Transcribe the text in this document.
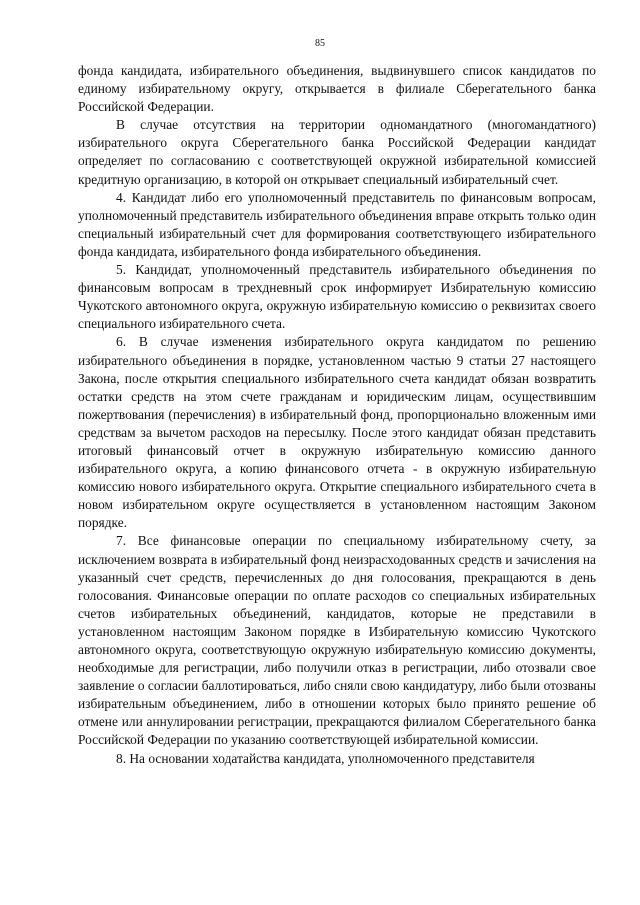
85

фонда кандидата, избирательного объединения, выдвинувшего список кандидатов по единому избирательному округу, открывается в филиале Сберегательного банка Российской Федерации.

В случае отсутствия на территории одномандатного (многомандатного) избирательного округа Сберегательного банка Российской Федерации кандидат определяет по согласованию с соответствующей окружной избирательной комиссией кредитную организацию, в которой он открывает специальный избирательный счет.

4. Кандидат либо его уполномоченный представитель по финансовым вопросам, уполномоченный представитель избирательного объединения вправе открыть только один специальный избирательный счет для формирования соответствующего избирательного фонда кандидата, избирательного фонда избирательного объединения.

5. Кандидат, уполномоченный представитель избирательного объединения по финансовым вопросам в трехдневный срок информирует Избирательную комиссию Чукотского автономного округа, окружную избирательную комиссию о реквизитах своего специального избирательного счета.

6. В случае изменения избирательного округа кандидатом по решению избирательного объединения в порядке, установленном частью 9 статьи 27 настоящего Закона, после открытия специального избирательного счета кандидат обязан возвратить остатки средств на этом счете гражданам и юридическим лицам, осуществившим пожертвования (перечисления) в избирательный фонд, пропорционально вложенным ими средствам за вычетом расходов на пересылку. После этого кандидат обязан представить итоговый финансовый отчет в окружную избирательную комиссию данного избирательного округа, а копию финансового отчета - в окружную избирательную комиссию нового избирательного округа. Открытие специального избирательного счета в новом избирательном округе осуществляется в установленном настоящим Законом порядке.

7. Все финансовые операции по специальному избирательному счету, за исключением возврата в избирательный фонд неизрасходованных средств и зачисления на указанный счет средств, перечисленных до дня голосования, прекращаются в день голосования. Финансовые операции по оплате расходов со специальных избирательных счетов избирательных объединений, кандидатов, которые не представили в установленном настоящим Законом порядке в Избирательную комиссию Чукотского автономного округа, соответствующую окружную избирательную комиссию документы, необходимые для регистрации, либо получили отказ в регистрации, либо отозвали свое заявление о согласии баллотироваться, либо сняли свою кандидатуру, либо были отозваны избирательным объединением, либо в отношении которых было принято решение об отмене или аннулировании регистрации, прекращаются филиалом Сберегательного банка Российской Федерации по указанию соответствующей избирательной комиссии.

8. На основании ходатайства кандидата, уполномоченного представителя
